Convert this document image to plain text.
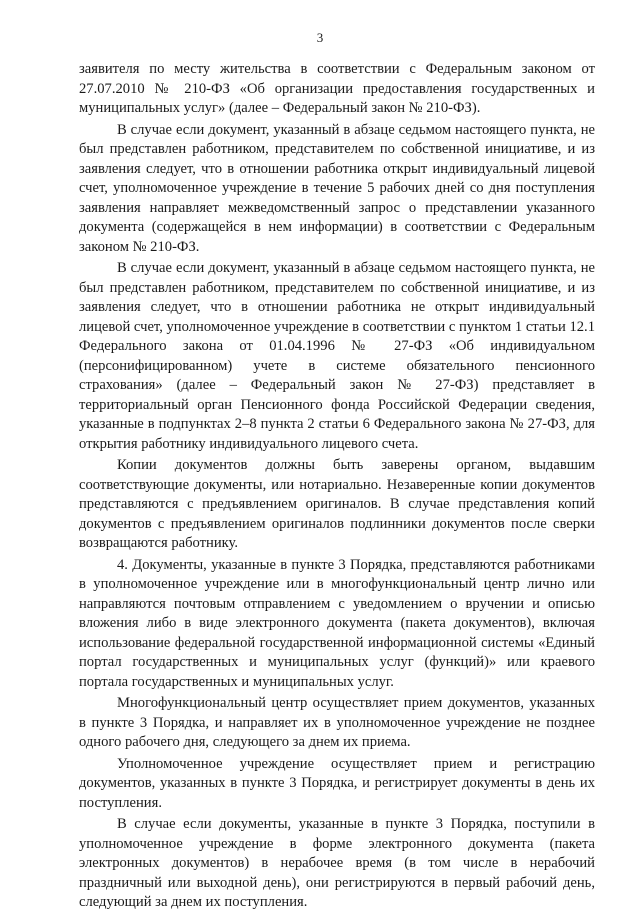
3

заявителя по месту жительства в соответствии с Федеральным законом от 27.07.2010 № 210-ФЗ «Об организации предоставления государственных и муниципальных услуг» (далее – Федеральный закон № 210-ФЗ).

В случае если документ, указанный в абзаце седьмом настоящего пункта, не был представлен работником, представителем по собственной инициативе, и из заявления следует, что в отношении работника открыт индивидуальный лицевой счет, уполномоченное учреждение в течение 5 рабочих дней со дня поступления заявления направляет межведомственный запрос о представлении указанного документа (содержащейся в нем информации) в соответствии с Федеральным законом № 210-ФЗ.

В случае если документ, указанный в абзаце седьмом настоящего пункта, не был представлен работником, представителем по собственной инициативе, и из заявления следует, что в отношении работника не открыт индивидуальный лицевой счет, уполномоченное учреждение в соответствии с пунктом 1 статьи 12.1 Федерального закона от 01.04.1996 № 27-ФЗ «Об индивидуальном (персонифицированном) учете в системе обязательного пенсионного страхования» (далее – Федеральный закон № 27-ФЗ) представляет в территориальный орган Пенсионного фонда Российской Федерации сведения, указанные в подпунктах 2–8 пункта 2 статьи 6 Федерального закона № 27-ФЗ, для открытия работнику индивидуального лицевого счета.

Копии документов должны быть заверены органом, выдавшим соответствующие документы, или нотариально. Незаверенные копии документов представляются с предъявлением оригиналов. В случае представления копий документов с предъявлением оригиналов подлинники документов после сверки возвращаются работнику.

4. Документы, указанные в пункте 3 Порядка, представляются работниками в уполномоченное учреждение или в многофункциональный центр лично или направляются почтовым отправлением с уведомлением о вручении и описью вложения либо в виде электронного документа (пакета документов), включая использование федеральной государственной информационной системы «Единый портал государственных и муниципальных услуг (функций)» или краевого портала государственных и муниципальных услуг.

Многофункциональный центр осуществляет прием документов, указанных в пункте 3 Порядка, и направляет их в уполномоченное учреждение не позднее одного рабочего дня, следующего за днем их приема.

Уполномоченное учреждение осуществляет прием и регистрацию документов, указанных в пункте 3 Порядка, и регистрирует документы в день их поступления.

В случае если документы, указанные в пункте 3 Порядка, поступили в уполномоченное учреждение в форме электронного документа (пакета электронных документов) в нерабочее время (в том числе в нерабочий праздничный или выходной день), они регистрируются в первый рабочий день, следующий за днем их поступления.
